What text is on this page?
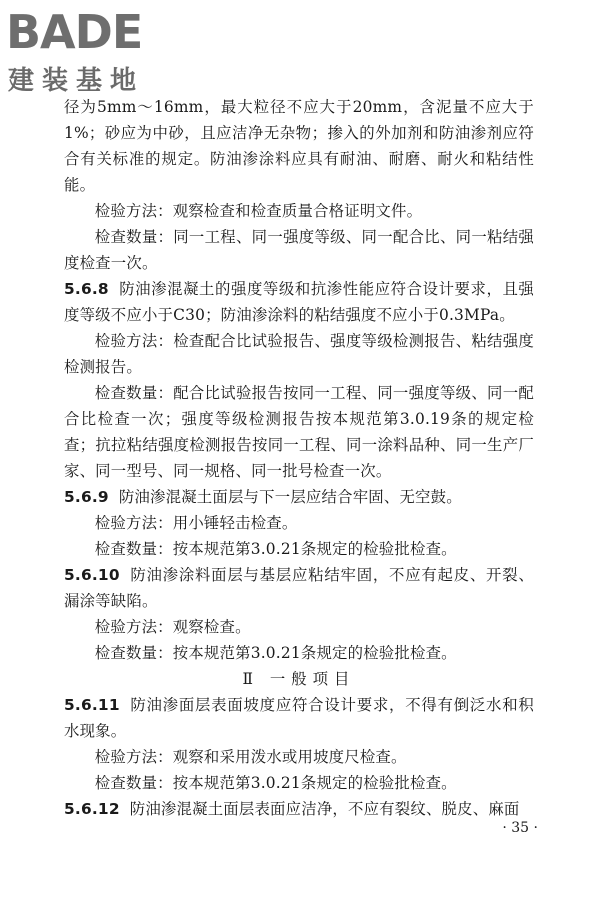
BADE
建装基地

径为5mm～16mm，最大粒径不应大于20mm，含泥量不应大于1%；砂应为中砂，且应洁净无杂物；掺入的外加剂和防油渗剂应符合有关标准的规定。防油渗涂料应具有耐油、耐磨、耐火和粘结性能。

检验方法：观察检查和检查质量合格证明文件。

检查数量：同一工程、同一强度等级、同一配合比、同一粘结强度检查一次。

5.6.8 防油渗混凝土的强度等级和抗渗性能应符合设计要求，且强度等级不应小于C30；防油渗涂料的粘结强度不应小于0.3MPa。

检验方法：检查配合比试验报告、强度等级检测报告、粘结强度检测报告。

检查数量：配合比试验报告按同一工程、同一强度等级、同一配合比检查一次；强度等级检测报告按本规范第3.0.19条的规定检查；抗拉粘结强度检测报告按同一工程、同一涂料品种、同一生产厂家、同一型号、同一规格、同一批号检查一次。

5.6.9 防油渗混凝土面层与下一层应结合牢固、无空鼓。

检验方法：用小锤轻击检查。

检查数量：按本规范第3.0.21条规定的检验批检查。

5.6.10 防油渗涂料面层与基层应粘结牢固，不应有起皮、开裂、漏涂等缺陷。

检验方法：观察检查。

检查数量：按本规范第3.0.21条规定的检验批检查。

Ⅱ 一般项目

5.6.11 防油渗面层表面坡度应符合设计要求，不得有倒泛水和积水现象。

检验方法：观察和采用泼水或用坡度尺检查。

检查数量：按本规范第3.0.21条规定的检验批检查。

5.6.12 防油渗混凝土面层表面应洁净，不应有裂纹、脱皮、麻面

· 35 ·
